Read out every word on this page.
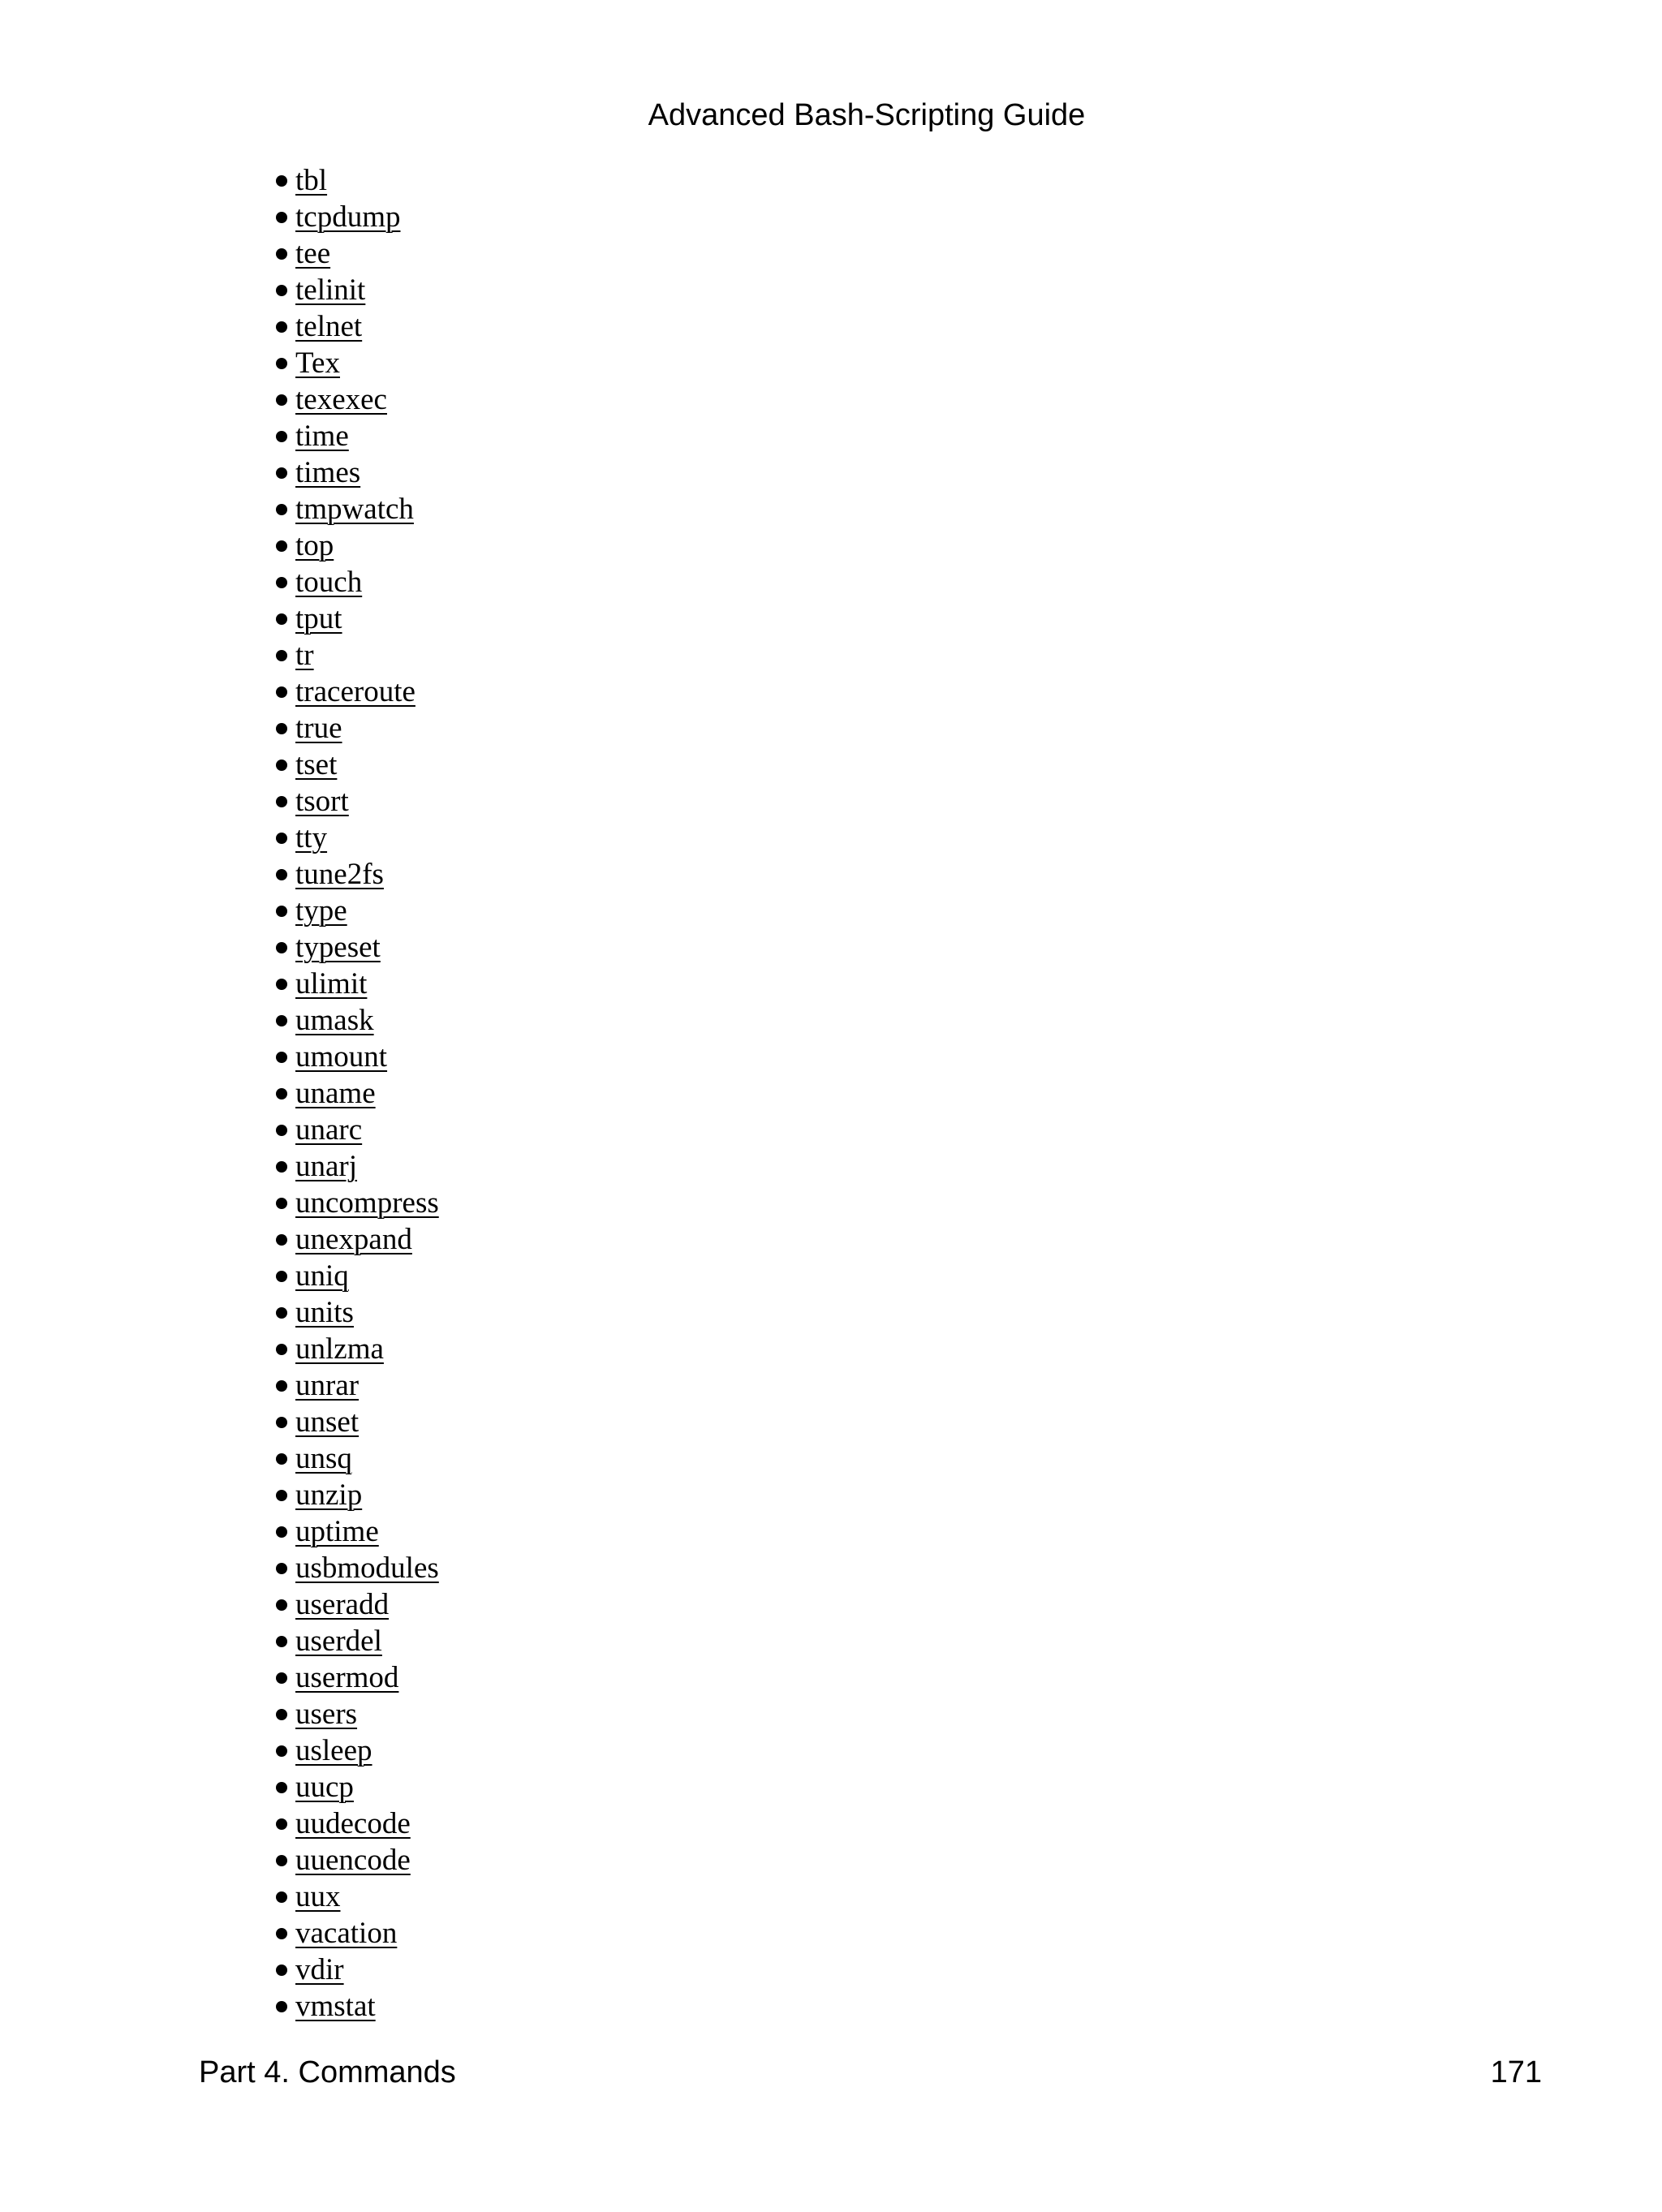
Advanced Bash-Scripting Guide
tbl
tcpdump
tee
telinit
telnet
Tex
texexec
time
times
tmpwatch
top
touch
tput
tr
traceroute
true
tset
tsort
tty
tune2fs
type
typeset
ulimit
umask
umount
uname
unarc
unarj
uncompress
unexpand
uniq
units
unlzma
unrar
unset
unsq
unzip
uptime
usbmodules
useradd
userdel
usermod
users
usleep
uucp
uudecode
uuencode
uux
vacation
vdir
vmstat
Part 4. Commands	171
